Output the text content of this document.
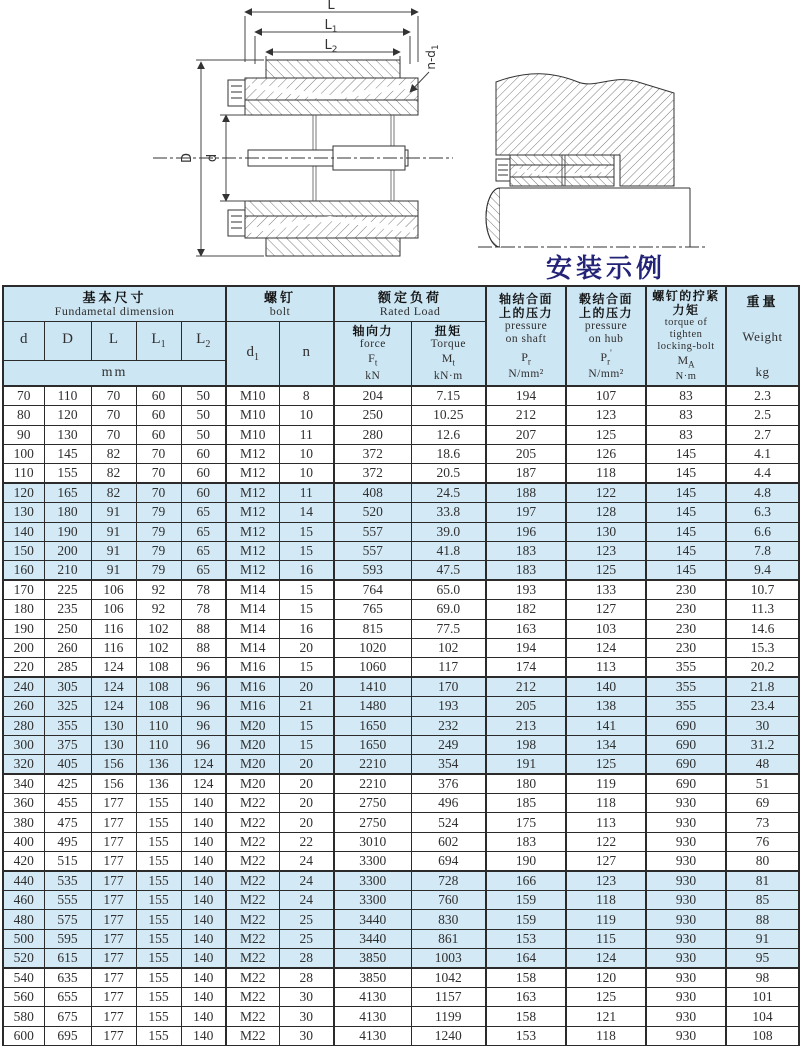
L
$L_1$
$L_2$
D d
$n-d_1$
安装示例
基本尺寸
Fundametal dimension

螺钉
bolt

额定负荷
Rated Load

轴结合面
上的压力
pressure
on shaft
$P_r$
N/mm²

毂结合面
上的压力
pressure
on hub
$P_r'$
N/mm²

螺钉的拧紧
力矩
torque of
tighten
locking-bolt
$M_A$
N·m

重量
Weight
kg

d	D	L	$L_1$	$L_2$	$d_1$	n	
轴向力
force
$F_t$
kN

扭矩
Torque
$M_t$
kN·m

mm												
70	110	70	60	50	M10	8	204	7.15	194	107	83	2.3
80	120	70	60	50	M10	10	250	10.25	212	123	83	2.5
90	130	70	60	50	M10	11	280	12.6	207	125	83	2.7
100	145	82	70	60	M12	10	372	18.6	205	126	145	4.1
110	155	82	70	60	M12	10	372	20.5	187	118	145	4.4
120	165	82	70	60	M12	11	408	24.5	188	122	145	4.8
130	180	91	79	65	M12	14	520	33.8	197	128	145	6.3
140	190	91	79	65	M12	15	557	39.0	196	130	145	6.6
150	200	91	79	65	M12	15	557	41.8	183	123	145	7.8
160	210	91	79	65	M12	16	593	47.5	183	125	145	9.4
170	225	106	92	78	M14	15	764	65.0	193	133	230	10.7
180	235	106	92	78	M14	15	765	69.0	182	127	230	11.3
190	250	116	102	88	M14	16	815	77.5	163	103	230	14.6
200	260	116	102	88	M14	20	1020	102	194	124	230	15.3
220	285	124	108	96	M16	15	1060	117	174	113	355	20.2
240	305	124	108	96	M16	20	1410	170	212	140	355	21.8
260	325	124	108	96	M16	21	1480	193	205	138	355	23.4
280	355	130	110	96	M20	15	1650	232	213	141	690	30
300	375	130	110	96	M20	15	1650	249	198	134	690	31.2
320	405	156	136	124	M20	20	2210	354	191	125	690	48
340	425	156	136	124	M20	20	2210	376	180	119	690	51
360	455	177	155	140	M22	20	2750	496	185	118	930	69
380	475	177	155	140	M22	20	2750	524	175	113	930	73
400	495	177	155	140	M22	22	3010	602	183	122	930	76
420	515	177	155	140	M22	24	3300	694	190	127	930	80
440	535	177	155	140	M22	24	3300	728	166	123	930	81
460	555	177	155	140	M22	24	3300	760	159	118	930	85
480	575	177	155	140	M22	25	3440	830	159	119	930	88
500	595	177	155	140	M22	25	3440	861	153	115	930	91
520	615	177	155	140	M22	28	3850	1003	164	124	930	95
540	635	177	155	140	M22	28	3850	1042	158	120	930	98
560	655	177	155	140	M22	30	4130	1157	163	125	930	101
580	675	177	155	140	M22	30	4130	1199	158	121	930	104
600	695	177	155	140	M22	30	4130	1240	153	118	930	108
